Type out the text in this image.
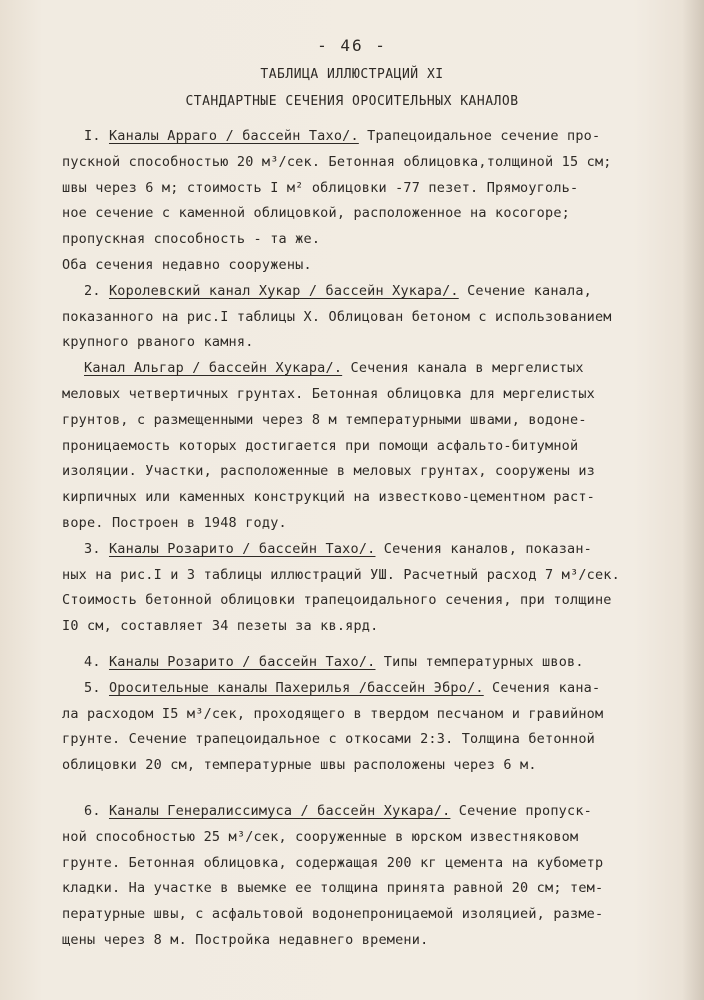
- 46 -
ТАБЛИЦА ИЛЛЮСТРАЦИЙ XI
СТАНДАРТНЫЕ СЕЧЕНИЯ ОРОСИТЕЛЬНЫХ КАНАЛОВ
I. Каналы Арраго / бассейн Тахо/. Трапецоидальное сечение про-
пускной способностью 20 м³/сек. Бетонная облицовка,толщиной 15 см;
швы через 6 м; стоимость I м² облицовки -77 пезет. Прямоуголь-
ное сечение с каменной облицовкой, расположенное на косогоре;
пропускная способность - та же.
Оба сечения недавно сооружены.
2. Королевский канал Хукар / бассейн Хукара/. Сечение канала,
показанного на рис.I таблицы Х. Облицован бетоном с использованием
крупного рваного камня.
Канал Альгар / бассейн Хукара/. Сечения канала в мергелистых
меловых четвертичных грунтах. Бетонная облицовка для мергелистых
грунтов, с размещенными через 8 м температурными швами, водоне-
проницаемость которых достигается при помощи асфальто-битумной
изоляции. Участки, расположенные в меловых грунтах, сооружены из
кирпичных или каменных конструкций на известково-цементном раст-
воре. Построен в 1948 году.
3. Каналы Розарито / бассейн Тахо/. Сечения каналов, показан-
ных на рис.I и 3 таблицы иллюстраций УШ. Расчетный расход 7 м³/сек.
Стоимость бетонной облицовки трапецоидального сечения, при толщине
I0 см, составляет 34 пезеты за кв.ярд.
4. Каналы Розарито / бассейн Тахо/. Типы температурных швов.
5. Оросительные каналы Пахерилья /бассейн Эбро/. Сечения кана-
ла расходом I5 м³/сек, проходящего в твердом песчаном и гравийном
грунте. Сечение трапецоидальное с откосами 2:3. Толщина бетонной
облицовки 20 см, температурные швы расположены через 6 м.
6. Каналы Генералиссимуса / бассейн Хукара/. Сечение пропуск-
ной способностью 25 м³/сек, сооруженные в юрском известняковом
грунте. Бетонная облицовка, содержащая 200 кг цемента на кубометр
кладки. На участке в выемке ее толщина принята равной 20 см; тем-
пературные швы, с асфальтовой водонепроницаемой изоляцией, разме-
щены через 8 м. Постройка недавнего времени.
